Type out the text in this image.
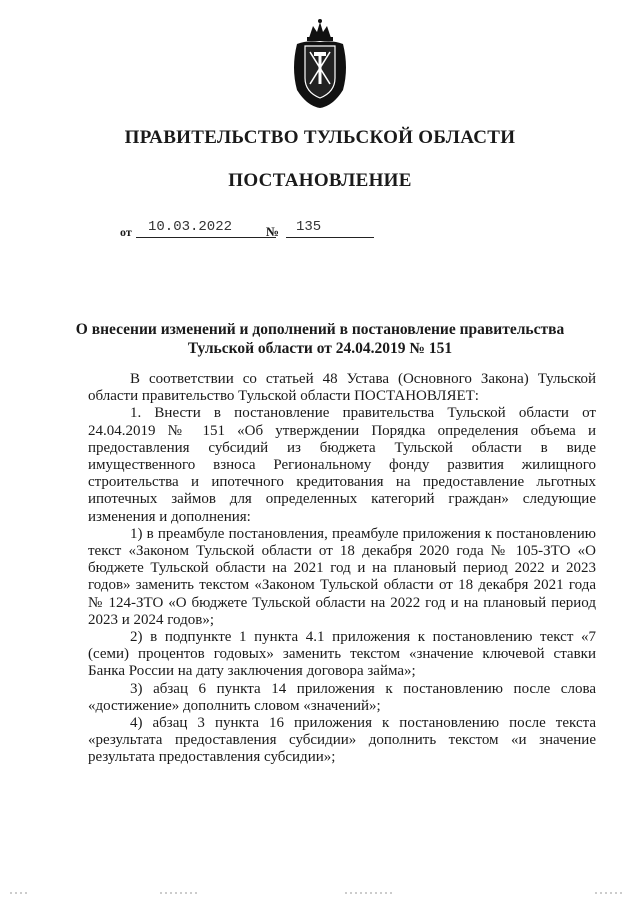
ПРАВИТЕЛЬСТВО ТУЛЬСКОЙ ОБЛАСТИ
ПОСТАНОВЛЕНИЕ
от 10.03.2022	№ 135
О внесении изменений и дополнений в постановление правительства
Тульской области от 24.04.2019 № 151

В соответствии со статьей 48 Устава (Основного Закона) Тульской области правительство Тульской области ПОСТАНОВЛЯЕТ:

1. Внести в постановление правительства Тульской области от 24.04.2019 № 151 «Об утверждении Порядка определения объема и предоставления субсидий из бюджета Тульской области в виде имущественного взноса Региональному фонду развития жилищного строительства и ипотечного кредитования на предоставление льготных ипотечных займов для определенных категорий граждан» следующие изменения и дополнения:

1) в преамбуле постановления, преамбуле приложения к постановлению текст «Законом Тульской области от 18 декабря 2020 года № 105-ЗТО «О бюджете Тульской области на 2021 год и на плановый период 2022 и 2023 годов» заменить текстом «Законом Тульской области от 18 декабря 2021 года № 124-ЗТО «О бюджете Тульской области на 2022 год и на плановый период 2023 и 2024 годов»;

2) в подпункте 1 пункта 4.1 приложения к постановлению текст «7 (семи) процентов годовых» заменить текстом «значение ключевой ставки Банка России на дату заключения договора займа»;

3) абзац 6 пункта 14 приложения к постановлению после слова «достижение» дополнить словом «значений»;

4) абзац 3 пункта 16 приложения к постановлению после текста «результата предоставления субсидии» дополнить текстом «и значение результата предоставления субсидии»;
